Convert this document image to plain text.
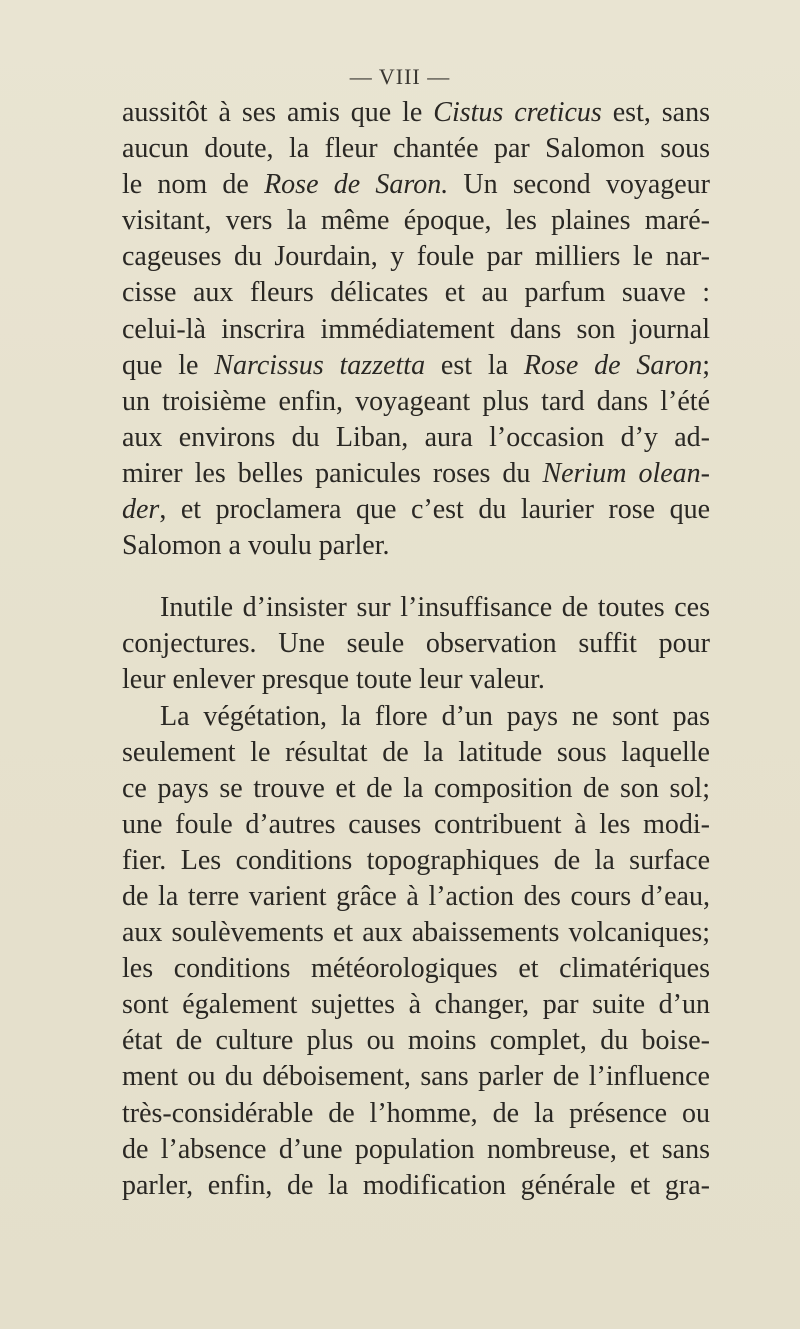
— VIII —
aussitôt à ses amis que le Cistus creticus est, sans
aucun doute, la fleur chantée par Salomon sous
le nom de Rose de Saron. Un second voyageur
visitant, vers la même époque, les plaines maré-
cageuses du Jourdain, y foule par milliers le nar-
cisse aux fleurs délicates et au parfum suave :
celui-là inscrira immédiatement dans son journal
que le Narcissus tazzetta est la Rose de Saron;
un troisième enfin, voyageant plus tard dans l’été
aux environs du Liban, aura l’occasion d’y ad-
mirer les belles panicules roses du Nerium olean-
der, et proclamera que c’est du laurier rose que
Salomon a voulu parler.
Inutile d’insister sur l’insuffisance de toutes ces
conjectures. Une seule observation suffit pour
leur enlever presque toute leur valeur.
La végétation, la flore d’un pays ne sont pas
seulement le résultat de la latitude sous laquelle
ce pays se trouve et de la composition de son sol;
une foule d’autres causes contribuent à les modi-
fier. Les conditions topographiques de la surface
de la terre varient grâce à l’action des cours d’eau,
aux soulèvements et aux abaissements volcaniques;
les conditions météorologiques et climatériques
sont également sujettes à changer, par suite d’un
état de culture plus ou moins complet, du boise-
ment ou du déboisement, sans parler de l’influence
très-considérable de l’homme, de la présence ou
de l’absence d’une population nombreuse, et sans
parler, enfin, de la modification générale et gra-
